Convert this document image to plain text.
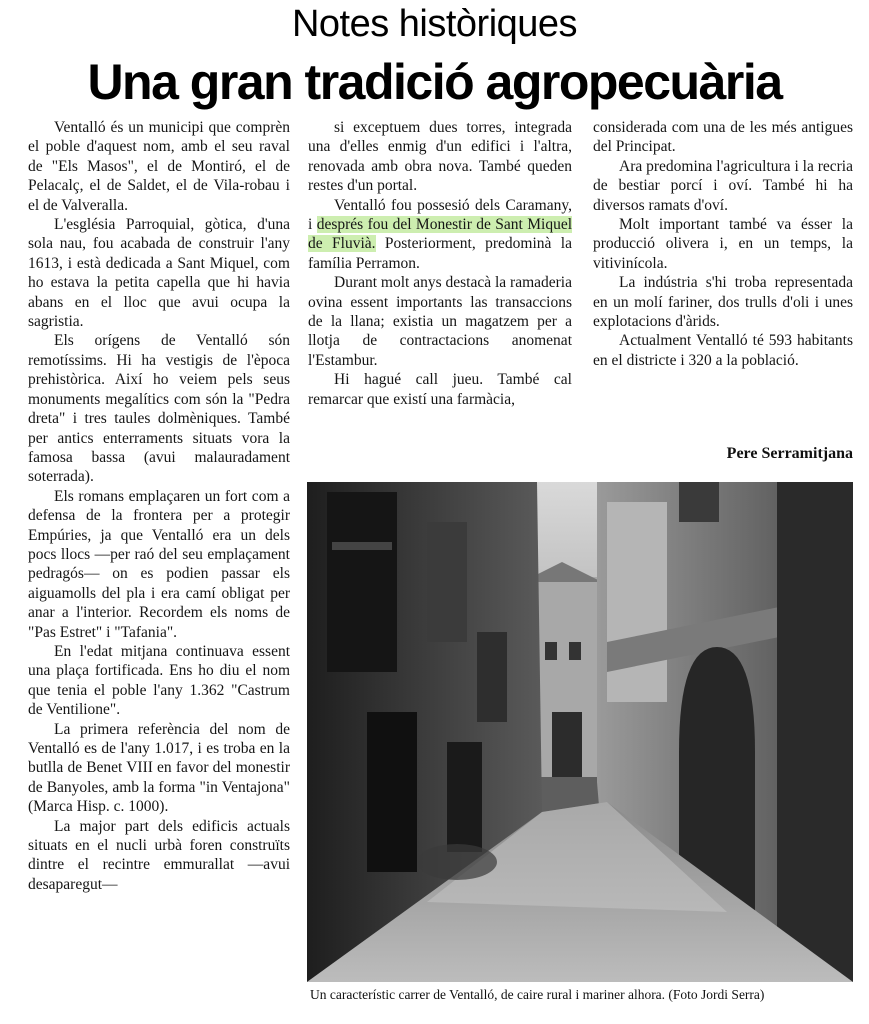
Notes històriques
Una gran tradició agropecuària

Ventalló és un municipi que comprèn el poble d'aquest nom, amb el seu raval de "Els Masos", el de Montiró, el de Pelacalç, el de Saldet, el de Vila-robau i el de Valveralla.

L'església Parroquial, gòtica, d'una sola nau, fou acabada de construir l'any 1613, i està dedicada a Sant Miquel, com ho estava la petita capella que hi havia abans en el lloc que avui ocupa la sagristia.

Els orígens de Ventalló són remotíssims. Hi ha vestigis de l'època prehistòrica. Així ho veiem pels seus monuments megalítics com són la "Pedra dreta" i tres taules dolmèniques. També per antics enterraments situats vora la famosa bassa (avui malauradament soterrada).

Els romans emplaçaren un fort com a defensa de la frontera per a protegir Empúries, ja que Ventalló era un dels pocs llocs —per raó del seu emplaçament pedragós— on es podien passar els aiguamolls del pla i era camí obligat per anar a l'interior. Recordem els noms de "Pas Estret" i "Tafania".

En l'edat mitjana continuava essent una plaça fortificada. Ens ho diu el nom que tenia el poble l'any 1.362 "Castrum de Ventilione".

La primera referència del nom de Ventalló es de l'any 1.017, i es troba en la butlla de Benet VIII en favor del monestir de Banyoles, amb la forma "in Ventajona" (Marca Hisp. c. 1000).

La major part dels edificis actuals situats en el nucli urbà foren construïts dintre el recintre emmurallat —avui desaparegut—

si exceptuem dues torres, integrada una d'elles enmig d'un edifici i l'altra, renovada amb obra nova. També queden restes d'un portal.

Ventalló fou possesió dels Caramany, i després fou del Monestir de Sant Miquel de Fluvià. Posteriorment, predominà la família Perramon.

Durant molt anys destacà la ramaderia ovina essent importants las transaccions de la llana; existia un magatzem per a llotja de contractacions anomenat l'Estambur.

Hi hagué call jueu. També cal remarcar que existí una farmàcia,

considerada com una de les més antigues del Principat.

Ara predomina l'agricultura i la recria de bestiar porcí i oví. També hi ha diversos ramats d'oví.

Molt important també va ésser la producció olivera i, en un temps, la vitivinícola.

La indústria s'hi troba representada en un molí fariner, dos trulls d'oli i unes explotacions d'àrids.

Actualment Ventalló té 593 habitants en el districte i 320 a la població.

Pere Serramitjana
Un característic carrer de Ventalló, de caire rural i mariner alhora. (Foto Jordi Serra)
